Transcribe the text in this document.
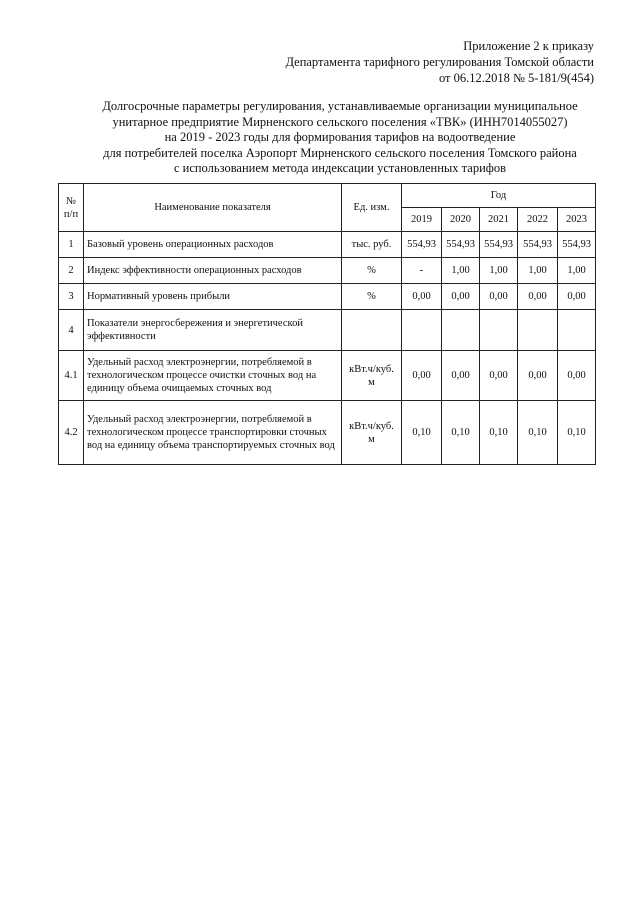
Приложение 2 к приказу
Департамента тарифного регулирования Томской области
от 06.12.2018 № 5-181/9(454)
Долгосрочные параметры регулирования, устанавливаемые организации муниципальное
унитарное предприятие Мирненского сельского поселения «ТВК» (ИНН7014055027)
на 2019 - 2023 годы для формирования тарифов на водоотведение
для потребителей поселка Аэропорт Мирненского сельского поселения Томского района
с использованием метода индексации установленных тарифов
№ п/п	Наименование показателя	Ед. изм.	Год				
			2019	2020	2021	2022	2023
1	Базовый уровень операционных расходов	тыс. руб.	554,93	554,93	554,93	554,93	554,93
2	Индекс эффективности операционных расходов	%	-	1,00	1,00	1,00	1,00
3	Нормативный уровень прибыли	%	0,00	0,00	0,00	0,00	0,00
4	Показатели энергосбережения и энергетической эффективности						
4.1	Удельный расход электроэнергии, потребляемой в технологическом процессе очистки сточных вод на единицу объема очищаемых сточных вод	кВт.ч/куб. м	0,00	0,00	0,00	0,00	0,00
4.2	Удельный расход электроэнергии, потребляемой в технологическом процессе транспортировки сточных вод на единицу объема транспортируемых сточных вод	кВт.ч/куб. м	0,10	0,10	0,10	0,10	0,10
